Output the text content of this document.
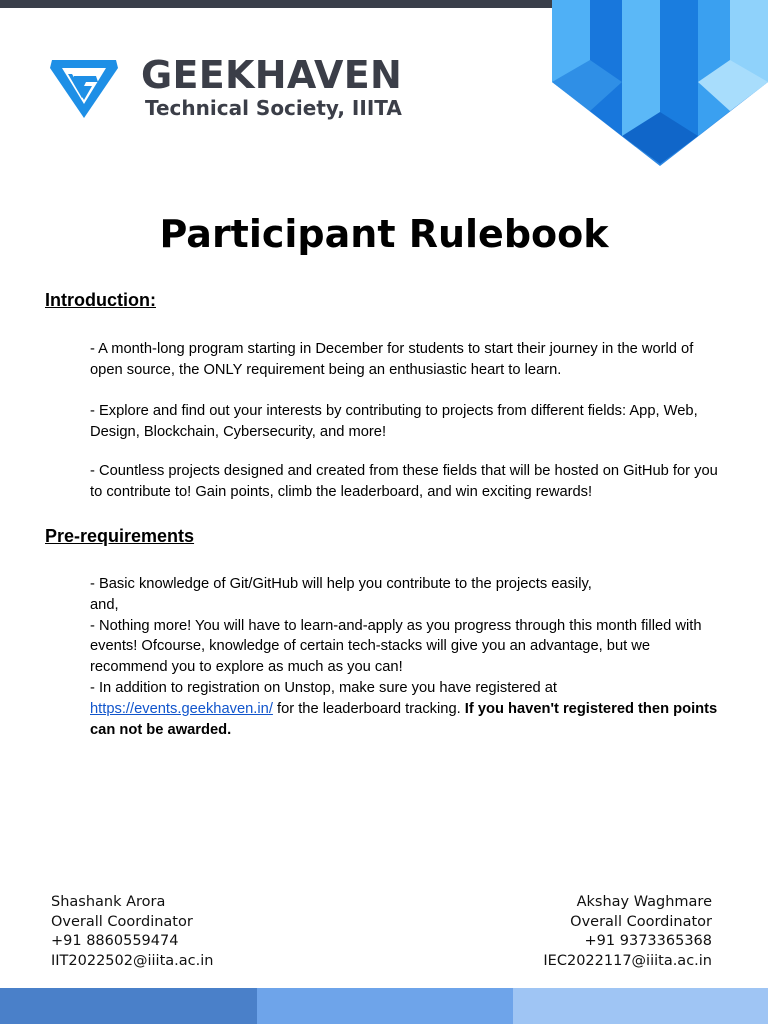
GEEKHAVEN
Technical Society, IIITA
Participant Rulebook
Introduction:
- A month-long program starting in December for students to start their journey in the world of open source, the ONLY requirement being an enthusiastic heart to learn.
- Explore and find out your interests by contributing to projects from different fields: App, Web, Design, Blockchain, Cybersecurity, and more!
- Countless projects designed and created from these fields that will be hosted on GitHub for you to contribute to! Gain points, climb the leaderboard, and win exciting rewards!
Pre-requirements
- Basic knowledge of Git/GitHub will help you contribute to the projects easily,
and,
- Nothing more! You will have to learn-and-apply as you progress through this month filled with events! Ofcourse, knowledge of certain tech-stacks will give you an advantage, but we recommend you to explore as much as you can!
- In addition to registration on Unstop, make sure you have registered at https://events.geekhaven.in/ for the leaderboard tracking. If you haven't registered then points can not be awarded.
Shashank Arora
Overall Coordinator
+91 8860559474
IIT2022502@iiita.ac.in
Akshay Waghmare
Overall Coordinator
+91 9373365368
IEC2022117@iiita.ac.in
